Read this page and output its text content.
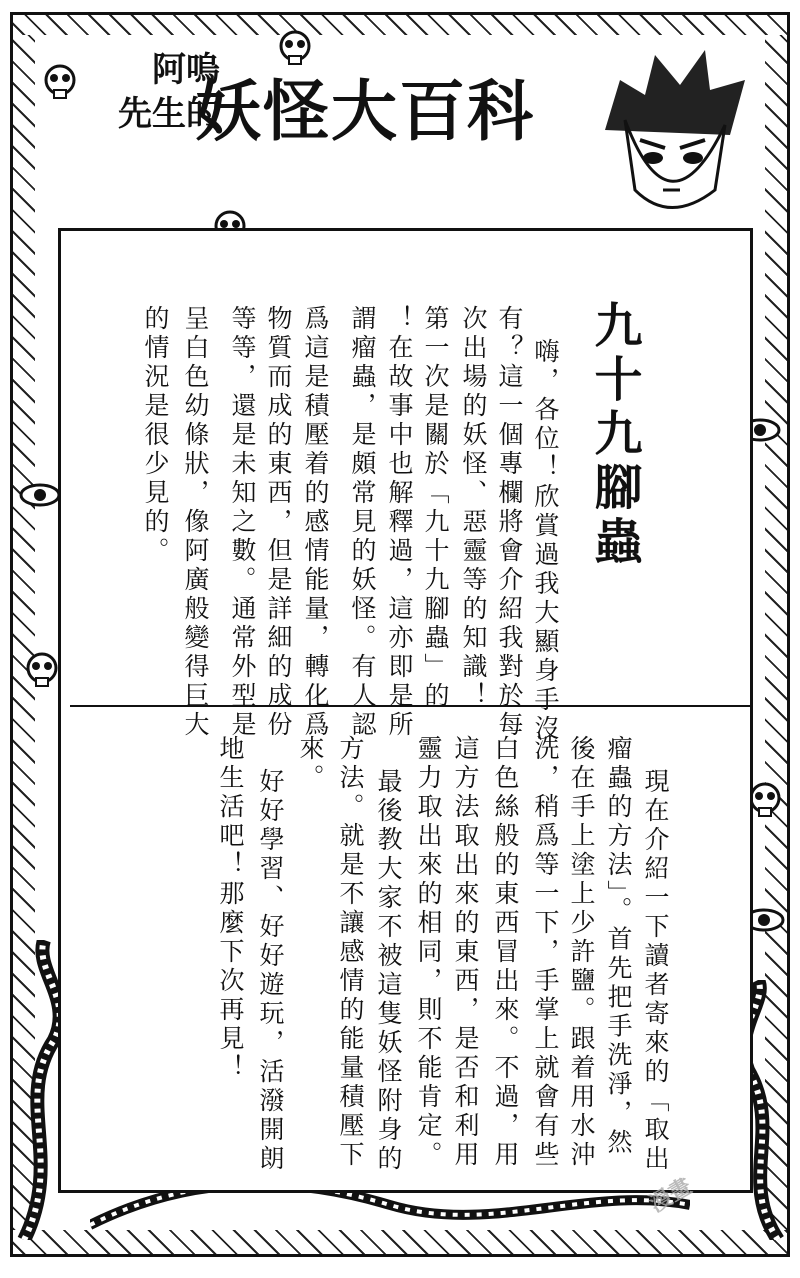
阿嗚
先生的
妖怪大百科
九十九腳蟲
嗨，各位！欣賞過我大顯身手沒
有？這一個專欄將會介紹我對於每
次出場的妖怪、惡靈等的知識！
第一次是關於「九十九腳蟲」的
！在故事中也解釋過，這亦即是所
謂瘤蟲，是頗常見的妖怪。有人認
爲這是積壓着的感情能量，轉化爲
物質而成的東西，但是詳細的成份
等等，還是未知之數。通常外型是
呈白色幼條狀，像阿廣般變得巨大
的情況是很少見的。
現在介紹一下讀者寄來的「取出
瘤蟲的方法」。首先把手洗淨，然
後在手上塗上少許鹽。跟着用水沖
洗，稍爲等一下，手掌上就會有些
白色絲般的東西冒出來。不過，用
這方法取出來的東西，是否和利用
靈力取出來的相同，則不能肯定。
最後教大家不被這隻妖怪附身的
方法。就是不讓感情的能量積壓下
來。
好好學習、好好遊玩，活潑開朗
地生活吧！那麼下次再見！
漫畫
